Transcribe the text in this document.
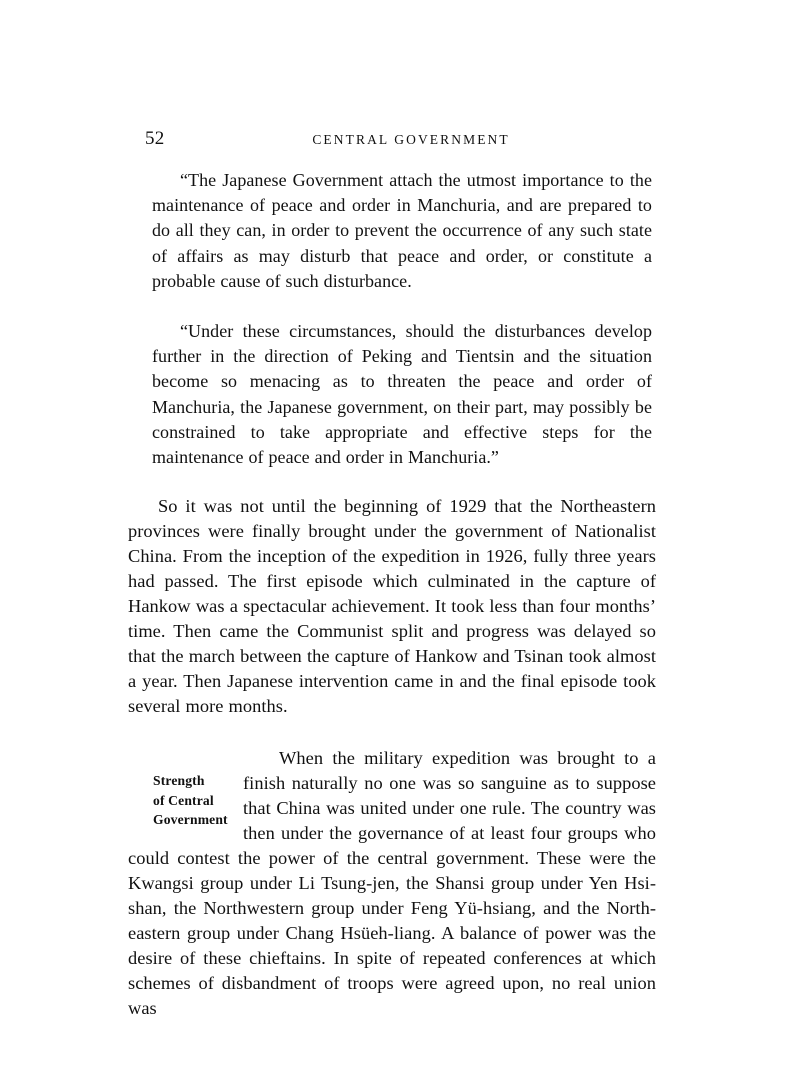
52	CENTRAL GOVERNMENT

“The Japanese Government attach the utmost importance to the maintenance of peace and order in Manchuria, and are prepared to do all they can, in order to prevent the occurrence of any such state of affairs as may disturb that peace and order, or constitute a probable cause of such disturbance.

“Under these circumstances, should the disturbances develop further in the direction of Peking and Tientsin and the situation become so menacing as to threaten the peace and order of Manchuria, the Japanese government, on their part, may possibly be constrained to take appropriate and effective steps for the maintenance of peace and order in Manchuria.”

So it was not until the beginning of 1929 that the Northeastern provinces were finally brought under the government of Nationalist China. From the inception of the expedition in 1926, fully three years had passed. The first episode which culminated in the capture of Hankow was a spectacular achievement. It took less than four months’ time. Then came the Communist split and progress was delayed so that the march between the capture of Hankow and Tsinan took almost a year. Then Japanese intervention came in and the final episode took several more months.

Strength
of Central
Government

When the military expedition was brought to a finish naturally no one was so sanguine as to suppose that China was united under one rule. The country was then under the governance of at least four groups who could contest the power of the central government. These were the Kwangsi group under Li Tsung-jen, the Shansi group under Yen Hsi-shan, the Northwestern group under Feng Yü-hsiang, and the North-eastern group under Chang Hsüeh-liang. A balance of power was the desire of these chieftains. In spite of repeated conferences at which schemes of disbandment of troops were agreed upon, no real union was
